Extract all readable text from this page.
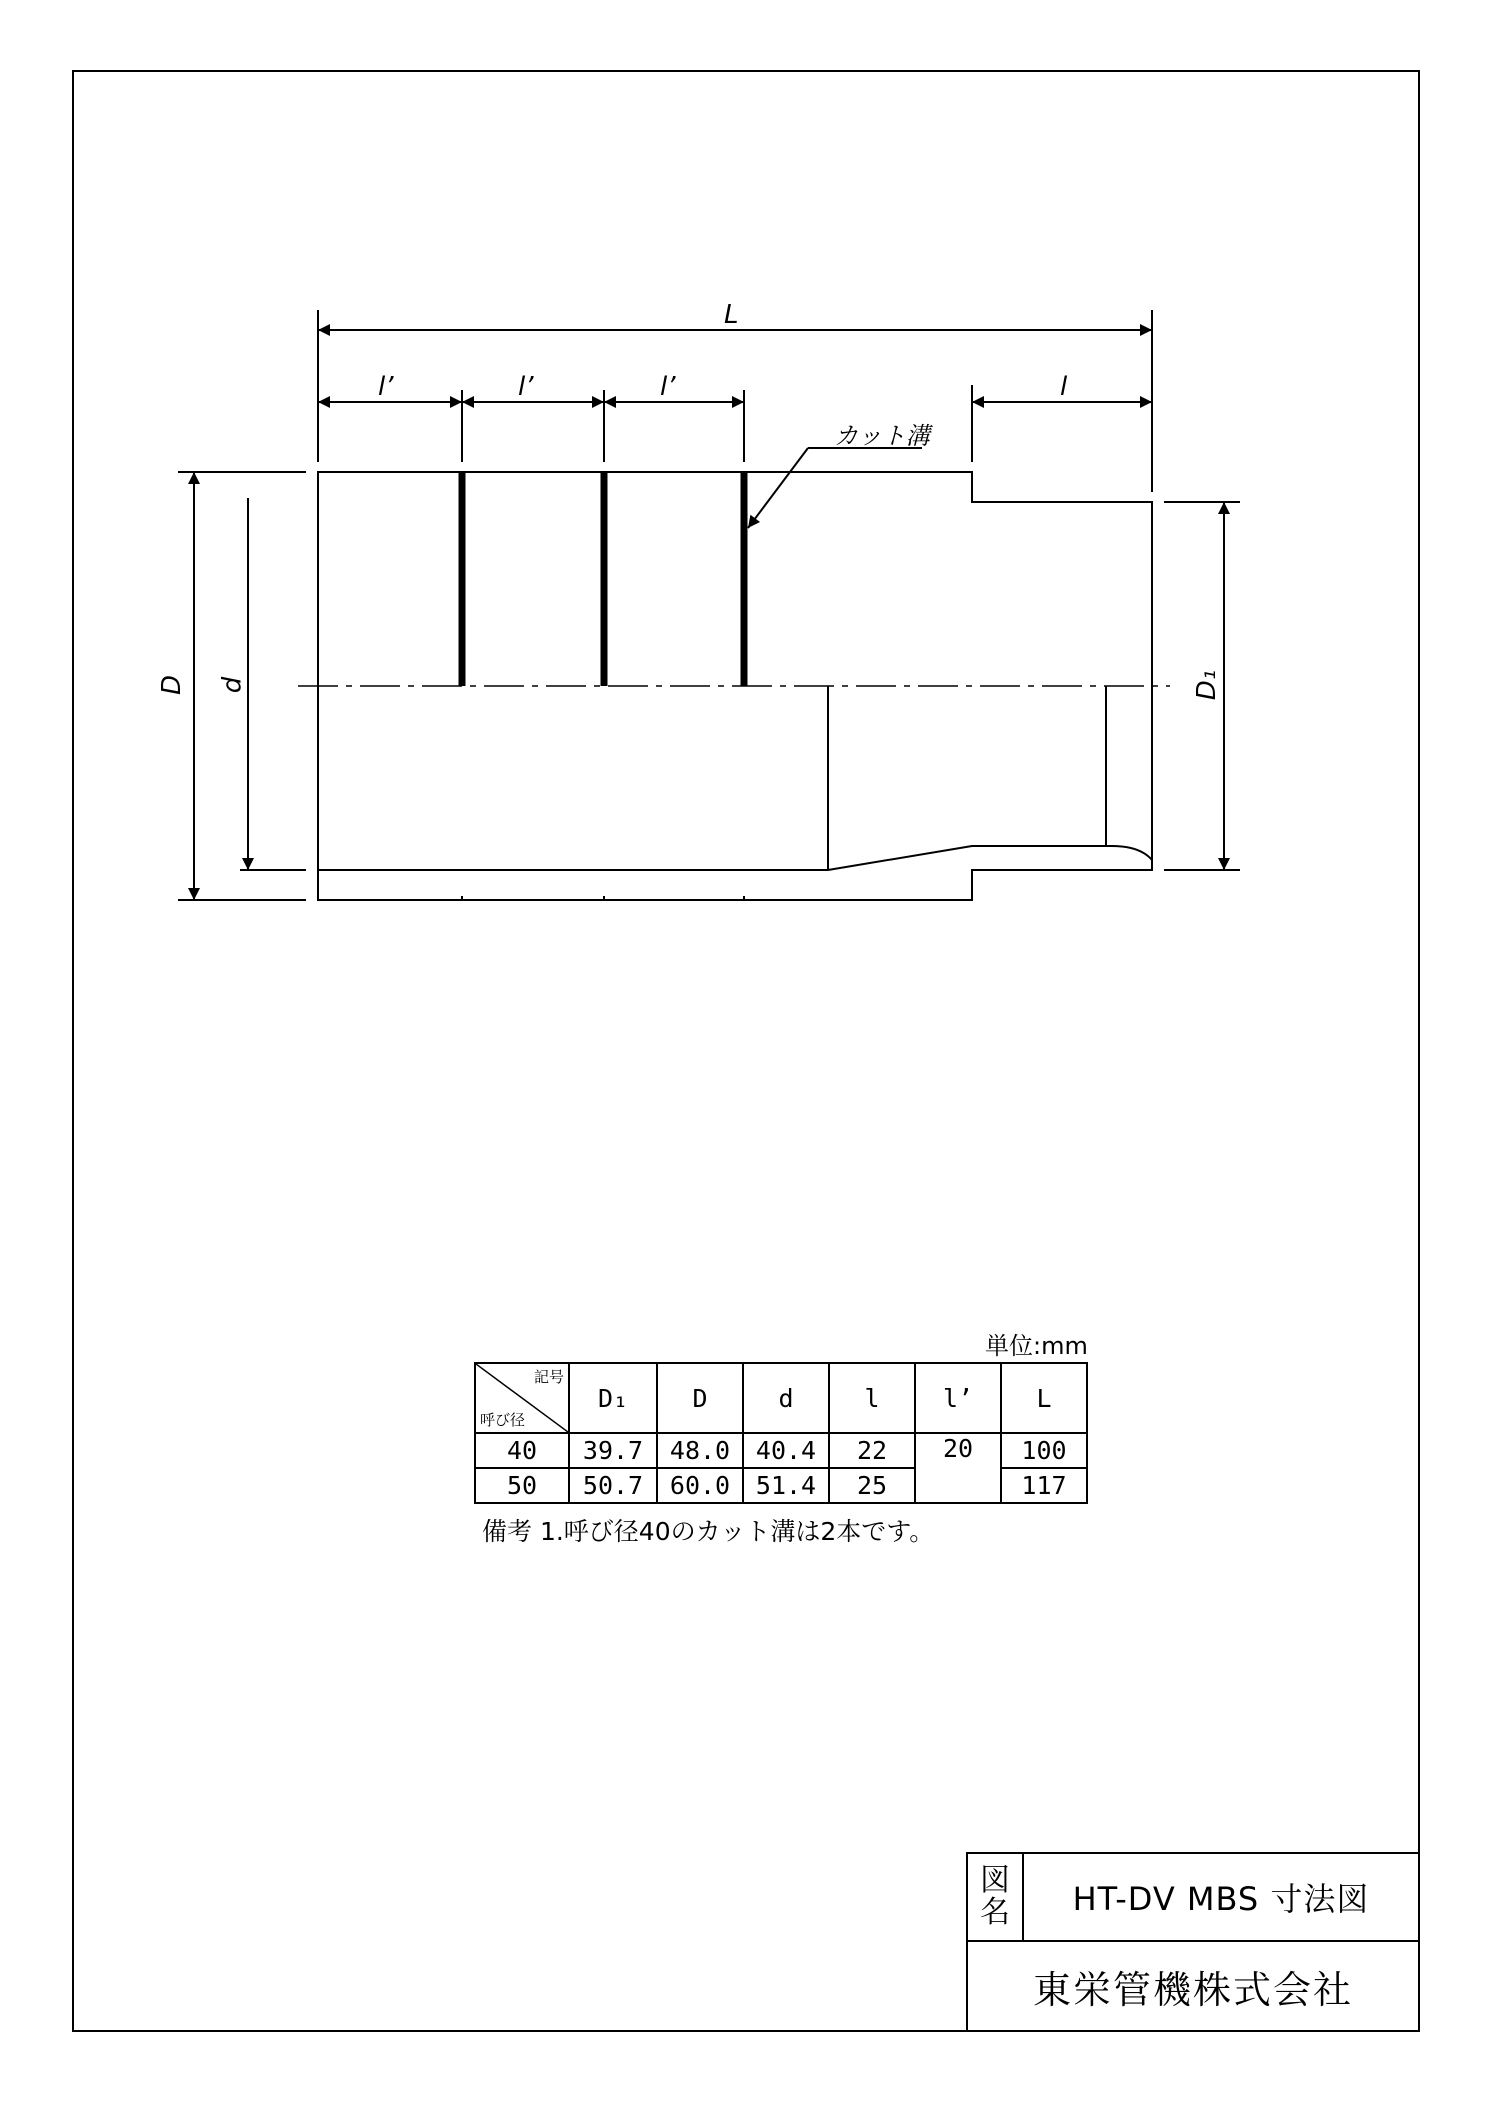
L
l’	l’	l’	l
カット溝
D d	D₁
単位:mm
記号
呼び径	D₁	D	d	l	l’	L
40	39.7	48.0	40.4	22	20	100
50	50.7	60.0	51.4	25		117
備考 1.呼び径40のカット溝は2本です。
図
名	HT-DV MBS 寸法図
東栄管機株式会社
